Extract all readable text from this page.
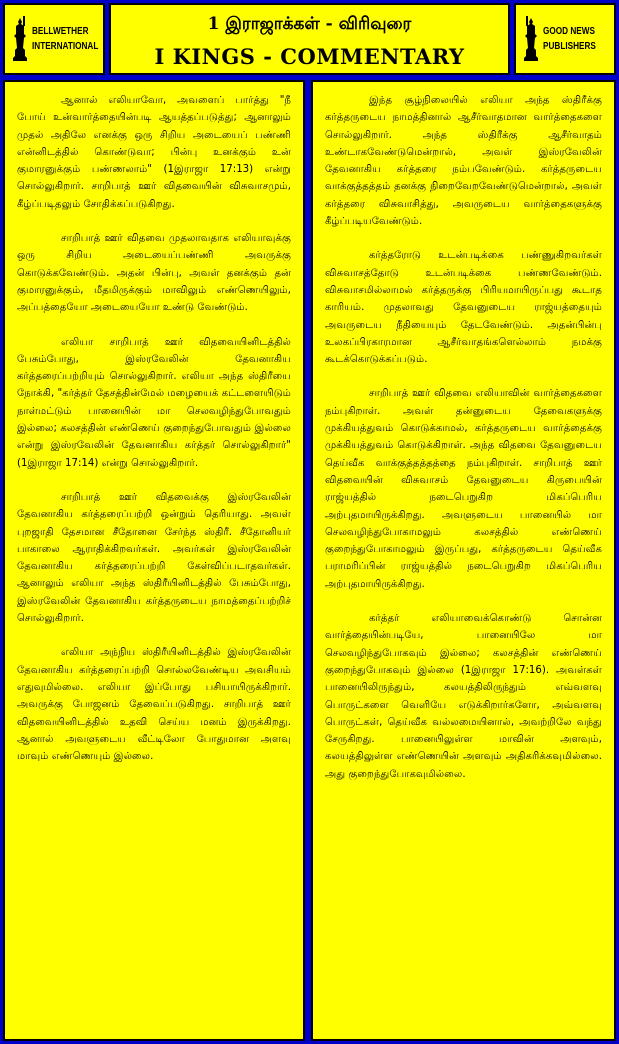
BELLWETHER
INTERNATIONAL
1 இராஜாக்கள் - விரிவுரை
I KINGS - COMMENTARY
GOOD NEWS
PUBLISHERS

ஆனால் எலியாவோ, அவளைப் பார்த்து "நீ போய் உன்வார்த்தையின்படி ஆயத்தப்படுத்து; ஆனாலும் முதல் அதிலே எனக்கு ஒரு சிறிய அடையைப் பண்ணி என்னிடத்தில் கொண்டுவா; பின்பு உனக்கும் உன் குமாரனுக்கும் பண்ணலாம்" (1இராஜா 17:13) என்று சொல்லுகிறார். சாறிபாத் ஊர் விதவையின் விசுவாசமும், கீழ்ப்படிதலும் சோதிக்கப்படுகிறது.

சாறிபாத் ஊர் விதவை முதலாவதாக எலியாவுக்கு ஒரு சிறிய அடையைப்பண்ணி அவருக்கு கொடுக்கவேண்டும். அதன் பின்பு, அவள் தனக்கும் தன் குமாரனுக்கும், மீதமிருக்கும் மாவிலும் எண்ணெயிலும், அப்பத்தையோ அடையையோ உண்டு வேண்டும்.

எலியா சாறிபாத் ஊர் விதவையினிடத்தில் பேசும்போது, இஸ்ரவேலின் தேவனாகிய கர்த்தரைப்பற்றியும் சொல்லுகிறார். எலியா அந்த ஸ்திரீயை நோக்கி, "கர்த்தர் தேசத்தின்மேல் மழையைக் கட்டளையிடும் நாள்மட்டும் பானையின் மா செலவழிந்துபோவதும் இல்லை; கலசத்தின் எண்ணெய் குறைந்துபோவதும் இல்லை என்று இஸ்ரவேலின் தேவனாகிய கர்த்தர் சொல்லுகிறார்" (1இராஜா 17:14) என்று சொல்லுகிறார்.

சாறிபாத் ஊர் விதவைக்கு இஸ்ரவேலின் தேவனாகிய கர்த்தரைப்பற்றி ஒன்றும் தெரியாது. அவள் புறஜாதி தேசமான சீதோனை சேர்ந்த ஸ்திரீ. சீதோனியர் பாகாலை ஆராதிக்கிறவர்கள். அவர்கள் இஸ்ரவேலின் தேவனாகிய கர்த்தரைப்பற்றி கேள்விப்படாதவர்கள். ஆனாலும் எலியா அந்த ஸ்திரீயினிடத்தில் பேசும்போது, இஸ்ரவேலின் தேவனாகிய கர்த்தருடைய நாமத்தைப்பற்றிச் சொல்லுகிறார்.

எலியா அந்நிய ஸ்திரீயினிடத்தில் இஸ்ரவேலின் தேவனாகிய கர்த்தரைப்பற்றி சொல்லவேண்டிய அவசியம் எதுவுமில்லை. எலியா இப்போது பசியாயிருக்கிறார். அவருக்கு போஜனம் தேவைப்படுகிறது. சாறிபாத் ஊர் விதவையினிடத்தில் உதவி செய்ய மனம் இருக்கிறது. ஆனால் அவளுடைய வீட்டிலோ போதுமான அளவு மாவும் எண்ணெயும் இல்லை.

இந்த சூழ்நிலையில் எலியா அந்த ஸ்திரீக்கு கர்த்தருடைய நாமத்தினால் ஆசீர்வாதமான வார்த்தைகளை சொல்லுகிறார். அந்த ஸ்திரீக்கு ஆசீர்வாதம் உண்டாகவேண்டுமென்றால், அவள் இஸ்ரவேலின் தேவனாகிய கர்த்தரை நம்பவேண்டும். கர்த்தருடைய வாக்குத்தத்தம் தனக்கு நிறைவேறவேண்டுமென்றால், அவள் கர்த்தரை விசுவாசித்து, அவருடைய வார்த்தைகளுக்கு கீழ்ப்படியவேண்டும்.

கர்த்தரோடு உடன்படிக்கை பண்ணுகிறவர்கள் விசுவாசத்தோடு உடன்படிக்கை பண்ணவேண்டும். விசுவாசமில்லாமல் கர்த்தருக்கு பிரியமாயிருப்பது கூடாத காரியம். முதலாவது தேவனுடைய ராஜ்யத்தையும் அவருடைய நீதியையும் தேடவேண்டும். அதன்பின்பு உலகப்பிரகாரமான ஆசீர்வாதங்களெல்லாம் நமக்கு கூடக்கொடுக்கப்படும்.

சாறிபாத் ஊர் விதவை எலியாவின் வார்த்தைகளை நம்புகிறாள். அவள் தன்னுடைய தேவைகளுக்கு முக்கியத்துவம் கொடுக்காமல், கர்த்தருடைய வார்த்தைக்கு முக்கியத்துவம் கொடுக்கிறாள். அந்த விதவை தேவனுடைய தெய்வீக வாக்குத்தத்தத்தை நம்புகிறாள். சாறிபாத் ஊர் விதவையின் விசுவாசம் தேவனுடைய கிருபையின் ராஜ்யத்தில் நடைபெறுகிற மிகப்பெரிய அற்புதமாயிருக்கிறது. அவளுடைய பானையில் மா செலவழிந்துபோகாமலும் கலசத்தில் எண்ணெய் குறைந்துபோகாமலும் இருப்பது, கர்த்தருடைய தெய்வீக பராமரிப்பின் ராஜ்யத்தில் நடைபெறுகிற மிகப்பெரிய அற்புதமாயிருக்கிறது.

கர்த்தர் எலியாவைக்கொண்டு சொன்ன வார்த்தையின்படியே, பானையிலே மா செலவழிந்துபோகவும் இல்லை; கலசத்தின் எண்ணெய் குறைந்துபோகவும் இல்லை (1இராஜா 17:16). அவள்கள் பானையிலிருந்தும், கலயத்திலிருந்தும் எவ்வளவு பொருட்களை வெளியே எடுக்கிறார்களோ, அவ்வளவு பொருட்கள், தெய்வீக வல்லமையினால், அவற்றிலே வந்து சேருகிறது. பானையிலுள்ள மாவின் அளவும், கலயத்திலுள்ள எண்ணெயின் அளவும் அதிகரிக்கவுமில்லை. அது குறைந்துபோகவுமில்லை.
